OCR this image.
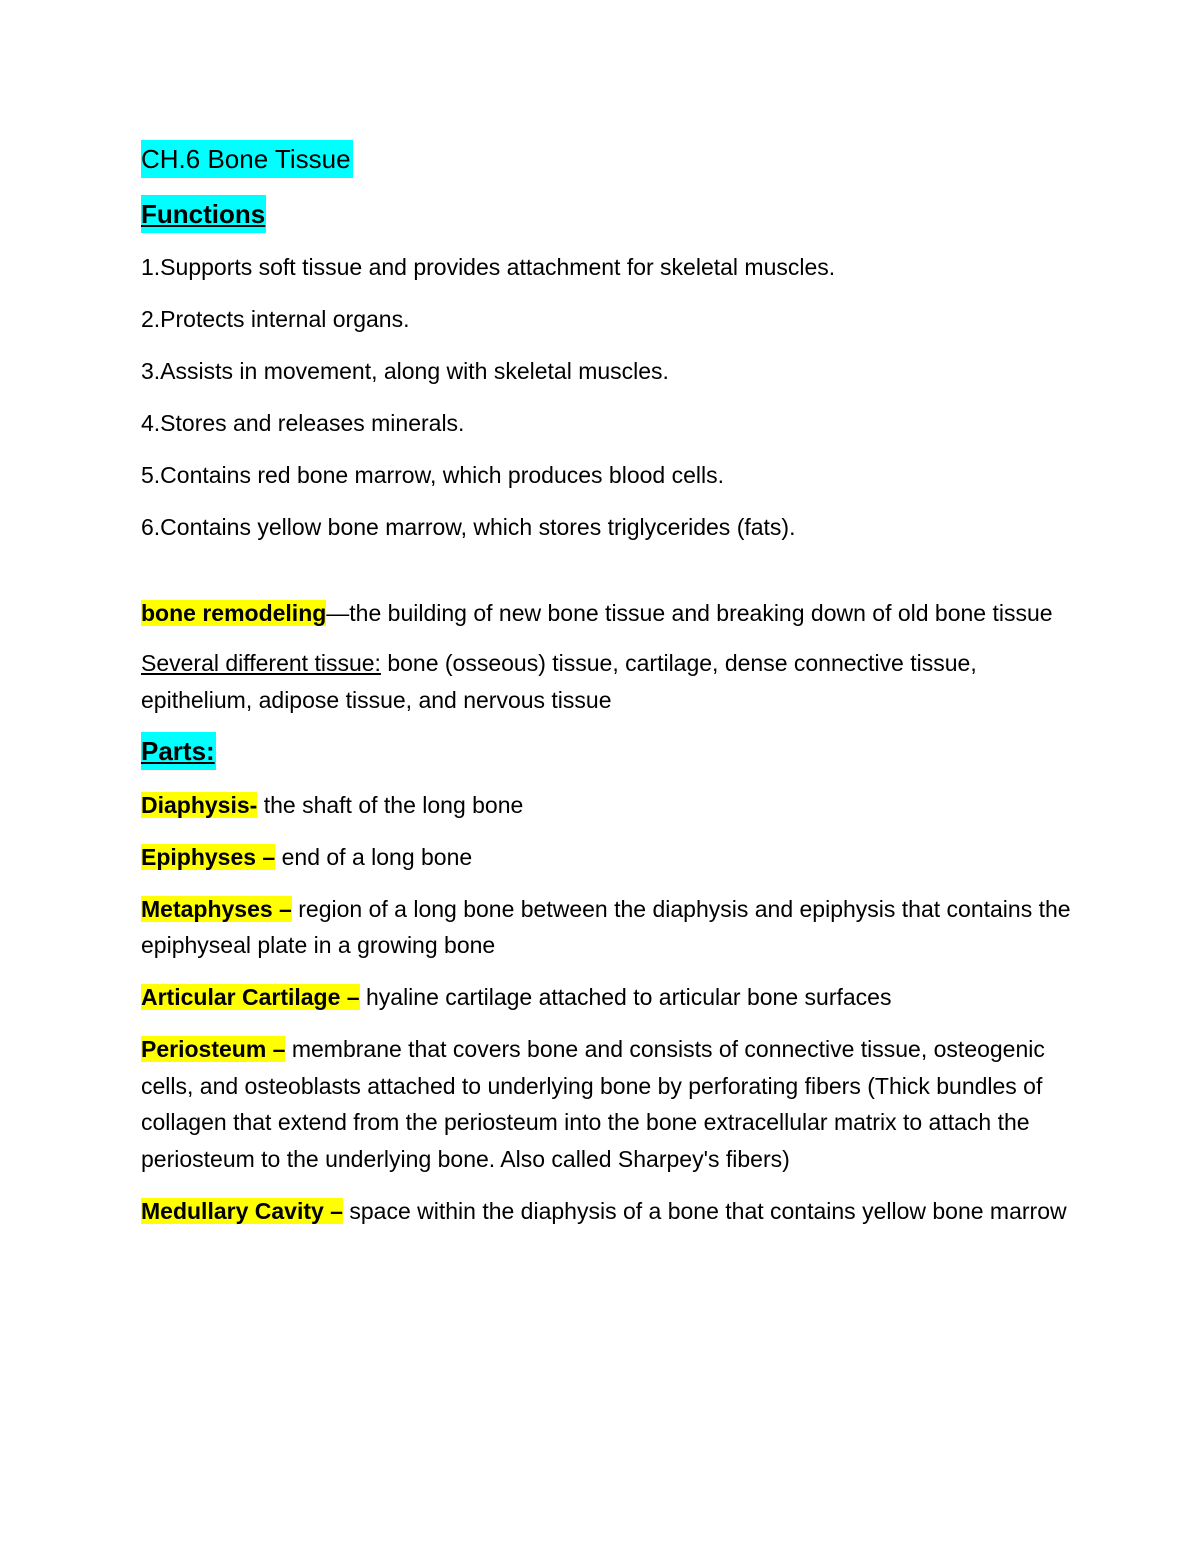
CH.6 Bone Tissue
Functions

1.Supports soft tissue and provides attachment for skeletal muscles.

2.Protects internal organs.

3.Assists in movement, along with skeletal muscles.

4.Stores and releases minerals.

5.Contains red bone marrow, which produces blood cells.

6.Contains yellow bone marrow, which stores triglycerides (fats).

bone remodeling—the building of new bone tissue and breaking down of old bone tissue

Several different tissue: bone (osseous) tissue, cartilage, dense connective tissue, epithelium, adipose tissue, and nervous tissue

Parts:

Diaphysis- the shaft of the long bone

Epiphyses – end of a long bone

Metaphyses – region of a long bone between the diaphysis and epiphysis that contains the epiphyseal plate in a growing bone

Articular Cartilage – hyaline cartilage attached to articular bone surfaces

Periosteum – membrane that covers bone and consists of connective tissue, osteogenic cells, and osteoblasts attached to underlying bone by perforating fibers (Thick bundles of collagen that extend from the periosteum into the bone extracellular matrix to attach the periosteum to the underlying bone. Also called Sharpey's fibers)

Medullary Cavity – space within the diaphysis of a bone that contains yellow bone marrow
